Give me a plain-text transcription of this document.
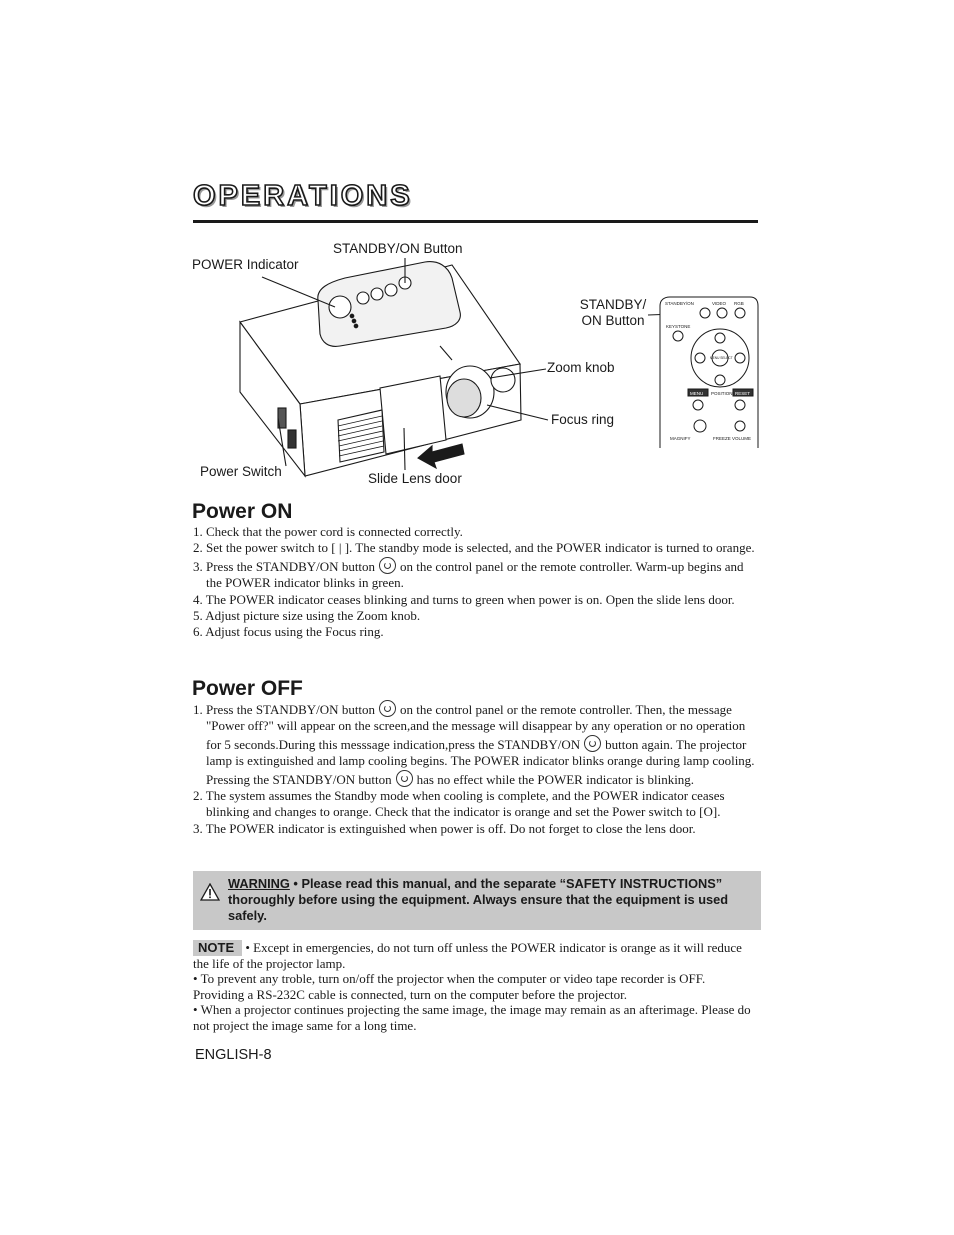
OPERATIONS
STANDBY/ON	VIDEO RGB
KEYSTONE
MENU SELECT
MENU POSITION RESET
MAGNIFY	FREEZE VOLUME
STANDBY/ON Button
POWER Indicator
STANDBY/
ON Button
Zoom knob
Focus ring
Power Switch	Slide Lens door
Power ON
1. Check that the power cord is connected correctly.
2. Set the power switch to [ | ]. The standby mode is selected, and the POWER indicator is turned to orange.
3. Press the STANDBY/ON button on the control panel or the remote controller. Warm-up begins and the POWER indicator blinks in green.
4. The POWER indicator ceases blinking and turns to green when power is on. Open the slide lens door.
5. Adjust picture size using the Zoom knob.
6. Adjust focus using the Focus ring.
Power OFF
1. Press the STANDBY/ON button on the control panel or the remote controller. Then, the message "Power off?" will appear on the screen,and the message will disappear by any operation or no operation for 5 seconds.During this messsage indication,press the STANDBY/ON button again. The projector lamp is extinguished and lamp cooling begins. The POWER indicator blinks orange during lamp cooling. Pressing the STANDBY/ON button has no effect while the POWER indicator is blinking.
2. The system assumes the Standby mode when cooling is complete, and the POWER indicator ceases blinking and changes to orange. Check that the indicator is orange and set the Power switch to [O].
3. The POWER indicator is extinguished when power is off. Do not forget to close the lens door.
WARNING • Please read this manual, and the separate “SAFETY INSTRUCTIONS” thoroughly before using the equipment. Always ensure that the equipment is used safely.
NOTE • Except in emergencies, do not turn off unless the POWER indicator is orange as it will reduce the life of the projector lamp.
• To prevent any troble, turn on/off the projector when the computer or video tape recorder is OFF. Providing a RS-232C cable is connected, turn on the computer before the projector.
• When a projector continues projecting the same image, the image may remain as an afterimage. Please do not project the image same for a long time.
ENGLISH-8
